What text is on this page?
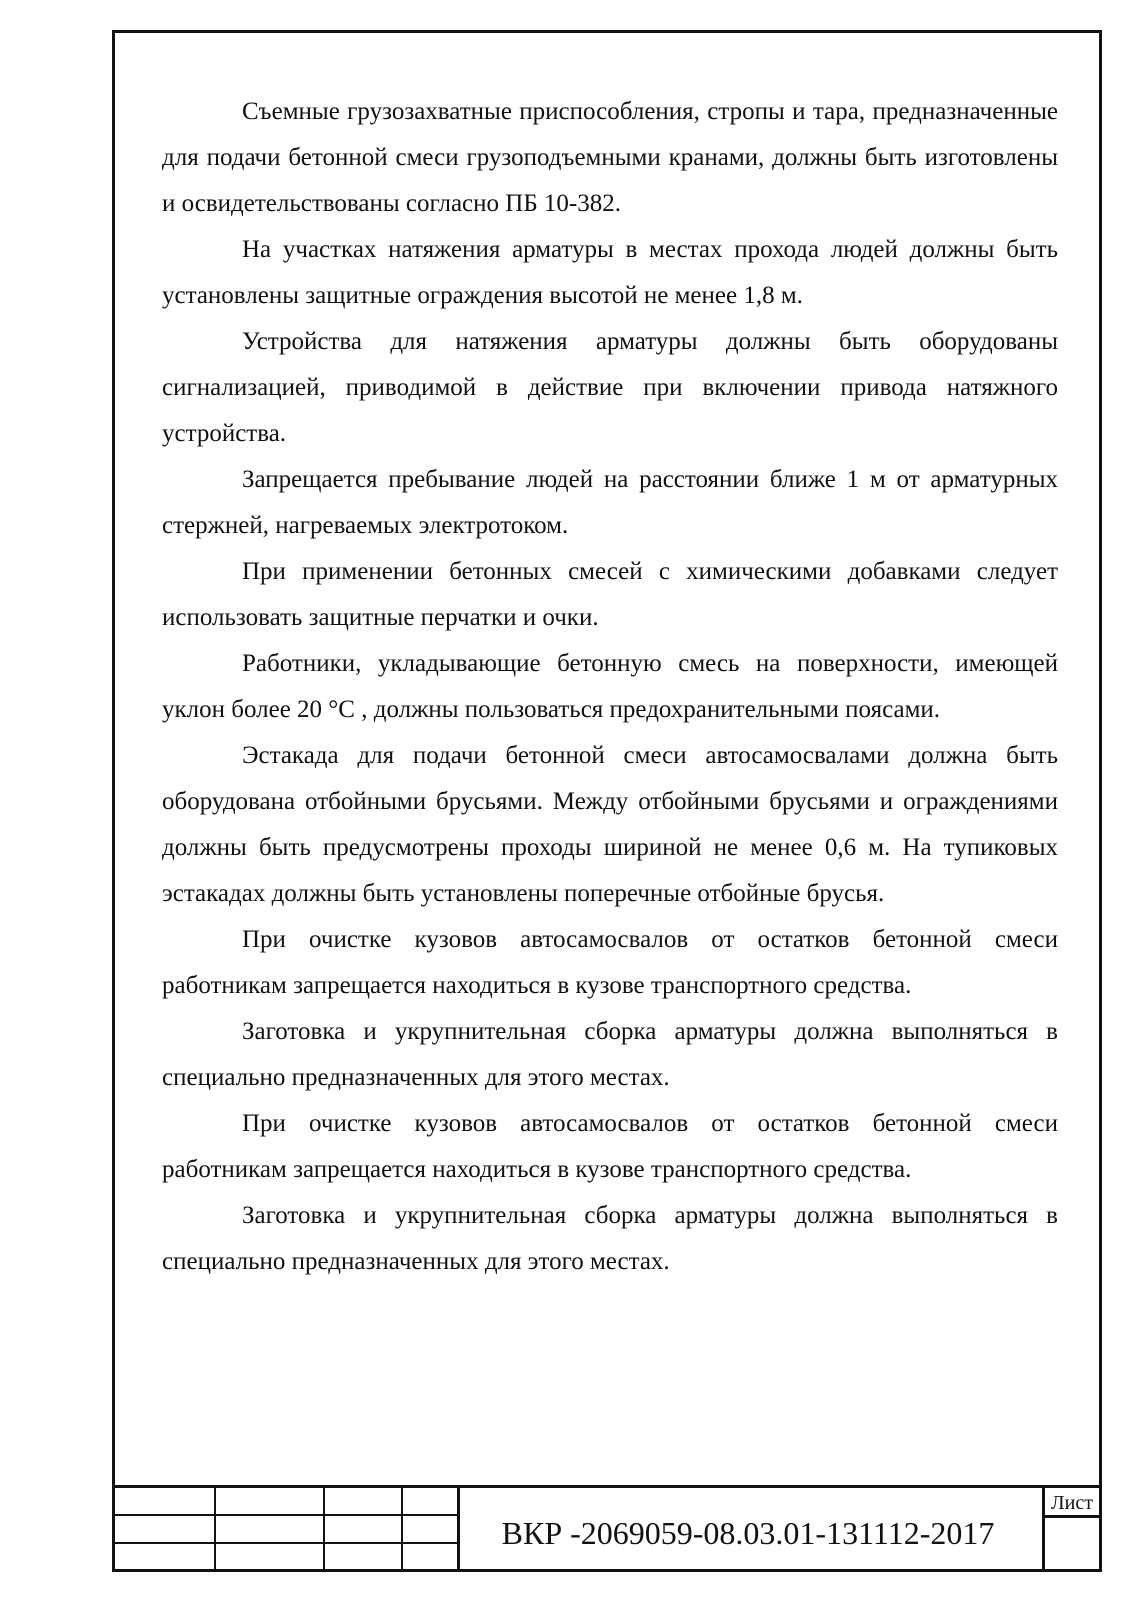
Съемные грузозахватные приспособления, стропы и тара, предназначенные для подачи бетонной смеси грузоподъемными кранами, должны быть изготовлены и освидетельствованы согласно ПБ 10-382.

На участках натяжения арматуры в местах прохода людей должны быть установлены защитные ограждения высотой не менее 1,8 м.

Устройства для натяжения арматуры должны быть оборудованы сигнализацией, приводимой в действие при включении привода натяжного устройства.

Запрещается пребывание людей на расстоянии ближе 1 м от арматурных стержней, нагреваемых электротоком.

При применении бетонных смесей с химическими добавками следует использовать защитные перчатки и очки.

Работники, укладывающие бетонную смесь на поверхности, имеющей уклон более 20 °С , должны пользоваться предохранительными поясами.

Эстакада для подачи бетонной смеси автосамосвалами должна быть оборудована отбойными брусьями. Между отбойными брусьями и ограждениями должны быть предусмотрены проходы шириной не менее 0,6 м. На тупиковых эстакадах должны быть установлены поперечные отбойные брусья.

При очистке кузовов автосамосвалов от остатков бетонной смеси работникам запрещается находиться в кузове транспортного средства.

Заготовка и укрупнительная сборка арматуры должна выполняться в специально предназначенных для этого местах.

При очистке кузовов автосамосвалов от остатков бетонной смеси работникам запрещается находиться в кузове транспортного средства.

Заготовка и укрупнительная сборка арматуры должна выполняться в специально предназначенных для этого местах.

ВКР -2069059-08.03.01-131112-2017
Лист
